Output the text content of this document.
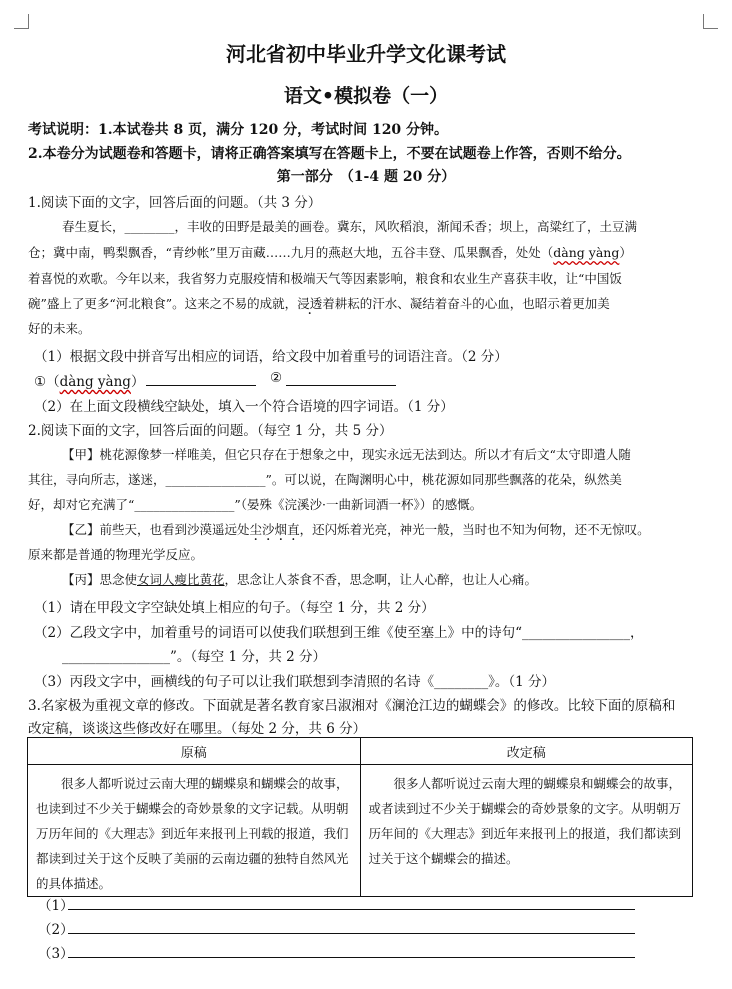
河北省初中毕业升学文化课考试
语文•模拟卷（一）
考试说明：1.本试卷共 8 页，满分 120 分，考试时间 120 分钟。
2.本卷分为试题卷和答题卡，请将正确答案填写在答题卡上，不要在试题卷上作答，否则不给分。
第一部分　（1-4 题 20 分）
1.阅读下面的文字，回答后面的问题。（共 3 分）
春生夏长，________，丰收的田野是最美的画卷。冀东，风吹稻浪，渐闻禾香；坝上，高粱红了，土豆满
仓；冀中南，鸭梨飘香，“青纱帐”里万亩藏……九月的燕赵大地，五谷丰登、瓜果飘香，处处（dàng yàng）
着喜悦的欢歌。今年以来，我省努力克服疫情和极端天气等因素影响，粮食和农业生产喜获丰收，让“中国饭
碗”盛上了更多“河北粮食”。这来之不易的成就，浸透着耕耘的汗水、凝结着奋斗的心血，也昭示着更加美
好的未来。
（1）根据文段中拼音写出相应的词语，给文段中加着重号的词语注音。（2 分）
①（dàng yàng）	②
（2）在上面文段横线空缺处，填入一个符合语境的四字词语。（1 分）
2.阅读下面的文字，回答后面的问题。（每空 1 分，共 5 分）
【甲】桃花源像梦一样唯美，但它只存在于想象之中，现实永远无法到达。所以才有后文“太守即遣人随
其往，寻向所志，遂迷，________________”。可以说，在陶渊明心中，桃花源如同那些飘落的花朵，纵然美
好，却对它充满了“________________”（晏殊《浣溪沙·一曲新词酒一杯》）的感慨。
【乙】前些天，也看到沙漠遥远处尘沙烟直，还闪烁着光亮，神光一般，当时也不知为何物，还不无惊叹。
原来都是普通的物理光学反应。
【丙】思念使女词人瘦比黄花，思念让人茶食不香，思念啊，让人心醉，也让人心痛。
（1）请在甲段文字空缺处填上相应的句子。（每空 1 分，共 2 分）
（2）乙段文字中，加着重号的词语可以使我们联想到王维《使至塞上》中的诗句“________________，
________________”。（每空 1 分，共 2 分）
（3）丙段文字中，画横线的句子可以让我们联想到李清照的名诗《________》。（1 分）
3.名家极为重视文章的修改。下面就是著名教育家吕淑湘对《澜沧江边的蝴蝶会》的修改。比较下面的原稿和
改定稿，谈谈这些修改好在哪里。（每处 2 分，共 6 分）
原稿	改定稿
　　很多人都听说过云南大理的蝴蝶泉和蝴蝶会的故事，也读到过不少关于蝴蝶会的奇妙景象的文字记载。从明朝万历年间的《大理志》到近年来报刊上刊载的报道，我们都读到过关于这个反映了美丽的云南边疆的独特自然风光的具体描述。	　　很多人都听说过云南大理的蝴蝶泉和蝴蝶会的故事，或者读到过不少关于蝴蝶会的奇妙景象的文字。从明朝万历年间的《大理志》到近年来报刊上的报道，我们都读到过关于这个蝴蝶会的描述。
（1）
（2）
（3）
